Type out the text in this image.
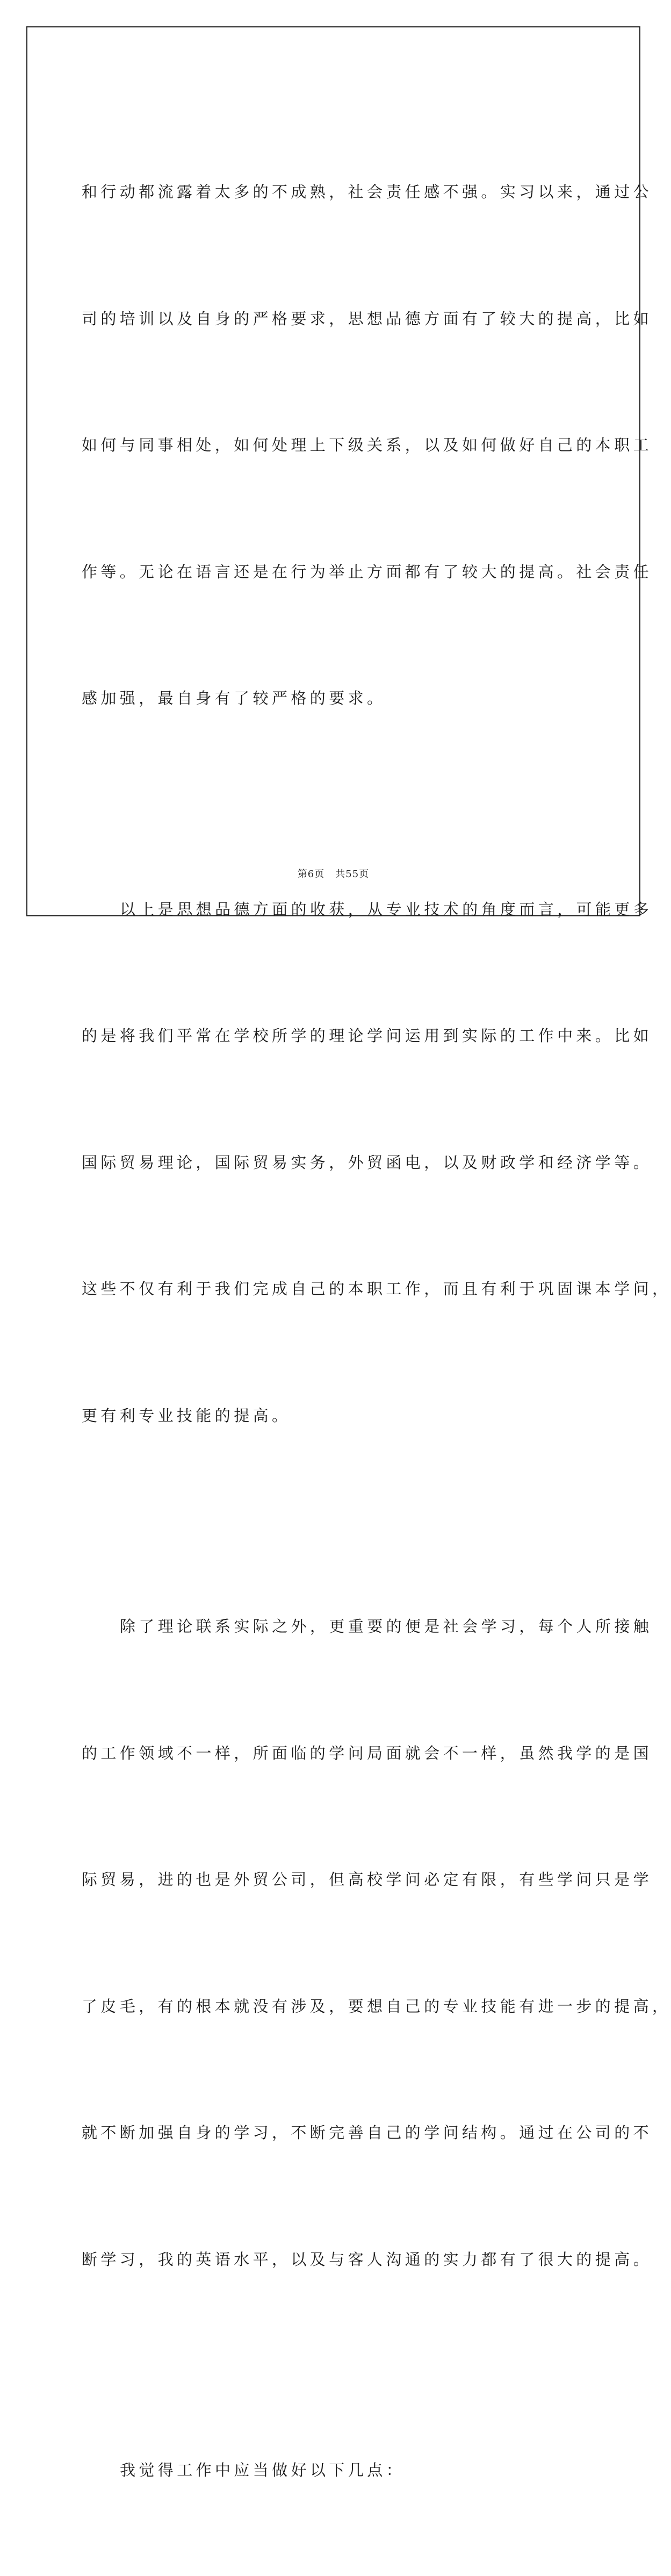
和行动都流露着太多的不成熟，社会责任感不强。实习以来，通过公

司的培训以及自身的严格要求，思想品德方面有了较大的提高，比如

如何与同事相处，如何处理上下级关系，以及如何做好自己的本职工

作等。无论在语言还是在行为举止方面都有了较大的提高。社会责任

感加强，最自身有了较严格的要求。

以上是思想品德方面的收获，从专业技术的角度而言，可能更多

的是将我们平常在学校所学的理论学问运用到实际的工作中来。比如

国际贸易理论，国际贸易实务，外贸函电，以及财政学和经济学等。

这些不仅有利于我们完成自己的本职工作，而且有利于巩固课本学问，

更有利专业技能的提高。

除了理论联系实际之外，更重要的便是社会学习，每个人所接触

的工作领域不一样，所面临的学问局面就会不一样，虽然我学的是国

际贸易，进的也是外贸公司，但高校学问必定有限，有些学问只是学

了皮毛，有的根本就没有涉及，要想自己的专业技能有进一步的提高，

就不断加强自身的学习，不断完善自己的学问结构。通过在公司的不

断学习，我的英语水平，以及与客人沟通的实力都有了很大的提高。

我觉得工作中应当做好以下几点：

第6页 共55页
